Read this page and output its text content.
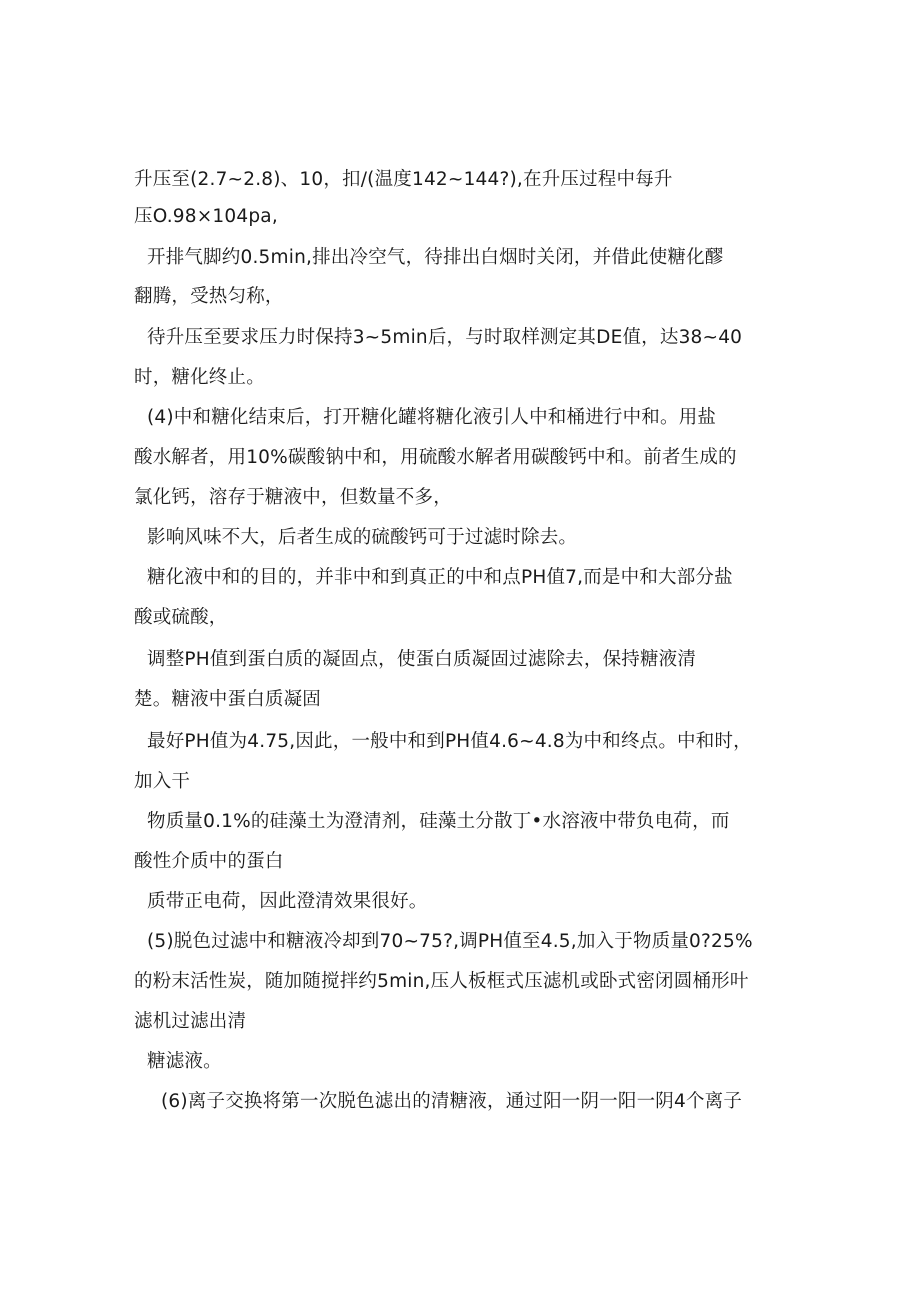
升压至(2.7~2.8)、10，扣/(温度142~144?),在升压过程中每升

压O.98×104pa,

开排气脚约0.5min,排出冷空气，待排出白烟时关闭，并借此使糖化醪

翻腾，受热匀称，

待升压至要求压力时保持3~5min后，与时取样测定其DE值，达38~40

时，糖化终止。

(4)中和糖化结束后，打开糖化罐将糖化液引人中和桶进行中和。用盐

酸水解者，用10%碳酸钠中和，用硫酸水解者用碳酸钙中和。前者生成的

氯化钙，溶存于糖液中，但数量不多，

影响风味不大，后者生成的硫酸钙可于过滤时除去。

糖化液中和的目的，并非中和到真正的中和点PH值7,而是中和大部分盐

酸或硫酸，

调整PH值到蛋白质的凝固点，使蛋白质凝固过滤除去，保持糖液清

楚。糖液中蛋白质凝固

最好PH值为4.75,因此，一般中和到PH值4.6~4.8为中和终点。中和时，

加入干

物质量0.1%的硅藻土为澄清剂，硅藻土分散丁•水溶液中带负电荷，而

酸性介质中的蛋白

质带正电荷，因此澄清效果很好。

(5)脱色过滤中和糖液冷却到70~75?,调PH值至4.5,加入于物质量0?25%

的粉末活性炭，随加随搅拌约5min,压人板框式压滤机或卧式密闭圆桶形叶

滤机过滤出清

糖滤液。

(6)离子交换将第一次脱色滤出的清糖液，通过阳一阴一阳一阴4个离子
